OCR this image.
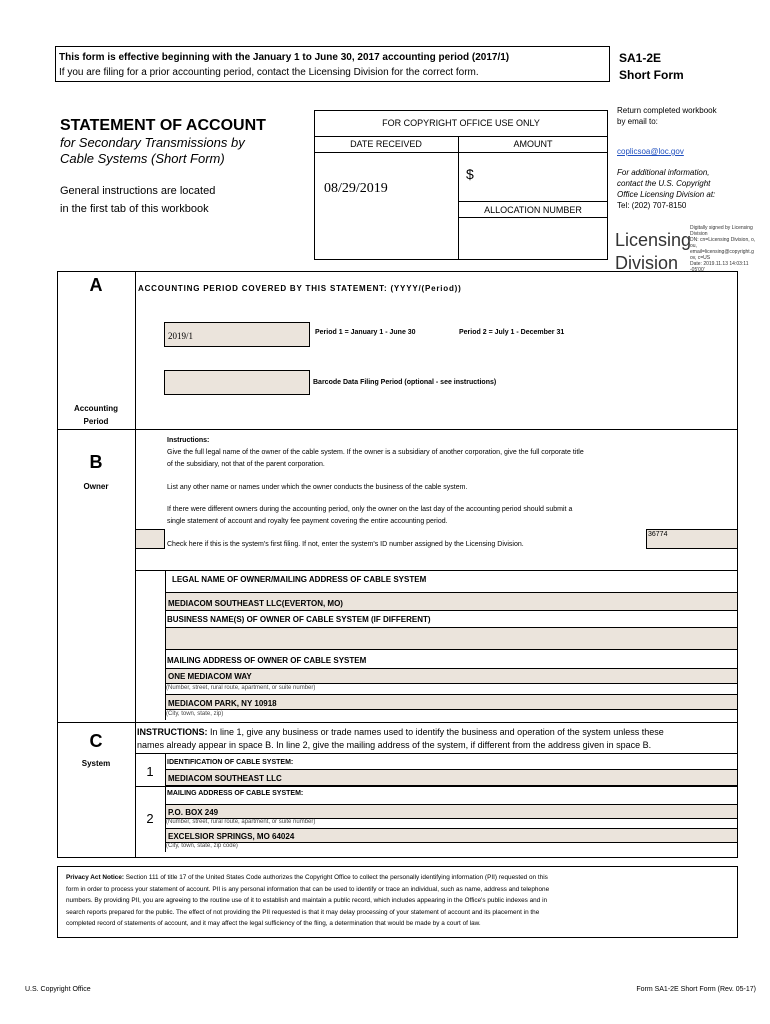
This form is effective beginning with the January 1 to June 30, 2017 accounting period (2017/1)
If you are filing for a prior accounting period, contact the Licensing Division for the correct form.
SA1-2E
Short Form
Return completed workbook
by email to:
coplicsoa@loc.gov
For additional information,
contact the U.S. Copyright
Office Licensing Division at:
Tel: (202) 707-8150
STATEMENT OF ACCOUNT
for Secondary Transmissions by
Cable Systems (Short Form)
General instructions are located
in the first tab of this workbook
FOR COPYRIGHT OFFICE USE ONLY
DATE RECEIVED	AMOUNT
08/29/2019
$
ALLOCATION NUMBER
Licensing
Division
Digitally signed by Licensing
Division
DN: cn=Licensing Division, o,
ou,
email=licensing@copyright.g
ov, c=US
Date: 2019.11.13 14:03:11
-05'00'
A	ACCOUNTING PERIOD COVERED BY THIS STATEMENT: (YYYY/(Period))
2019/1	Period 1 = January 1 - June 30	Period 2 = July 1 - December 31
Barcode Data Filing Period (optional - see instructions)
Accounting
Period
B
Owner
Instructions:
Give the full legal name of the owner of the cable system. If the owner is a subsidiary of another corporation, give the full corporate title
of the subsidiary, not that of the parent corporation.
List any other name or names under which the owner conducts the business of the cable system.
If there were different owners during the accounting period, only the owner on the last day of the accounting period should submit a
single statement of account and royalty fee payment covering the entire accounting period.
Check here if this is the system's first filing. If not, enter the system's ID number assigned by the Licensing Division.
36774
LEGAL NAME OF OWNER/MAILING ADDRESS OF CABLE SYSTEM
MEDIACOM SOUTHEAST LLC(EVERTON, MO)
BUSINESS NAME(S) OF OWNER OF CABLE SYSTEM (IF DIFFERENT)
MAILING ADDRESS OF OWNER OF CABLE SYSTEM
ONE MEDIACOM WAY
(Number, street, rural route, apartment, or suite number)
MEDIACOM PARK, NY 10918
(City, town, state, zip)
C
System
INSTRUCTIONS: In line 1, give any business or trade names used to identify the business and operation of the system unless these
names already appear in space B. In line 2, give the mailing address of the system, if different from the address given in space B.
1
IDENTIFICATION OF CABLE SYSTEM:
MEDIACOM SOUTHEAST LLC
MAILING ADDRESS OF CABLE SYSTEM:
2	P.O. BOX 249
(Number, street, rural route, apartment, or suite number)
EXCELSIOR SPRINGS, MO 64024
(City, town, state, zip code)
Privacy Act Notice: Section 111 of title 17 of the United States Code authorizes the Copyright Office to collect the personally identifying information (PII) requested on this
form in order to process your statement of account. PII is any personal information that can be used to identify or trace an individual, such as name, address and telephone
numbers. By providing PII, you are agreeing to the routine use of it to establish and maintain a public record, which includes appearing in the Office's public indexes and in
search reports prepared for the public. The effect of not providing the PII requested is that it may delay processing of your statement of account and its placement in the
completed record of statements of account, and it may affect the legal sufficiency of the fling, a determination that would be made by a court of law.
U.S. Copyright Office	Form SA1-2E Short Form (Rev. 05-17)
